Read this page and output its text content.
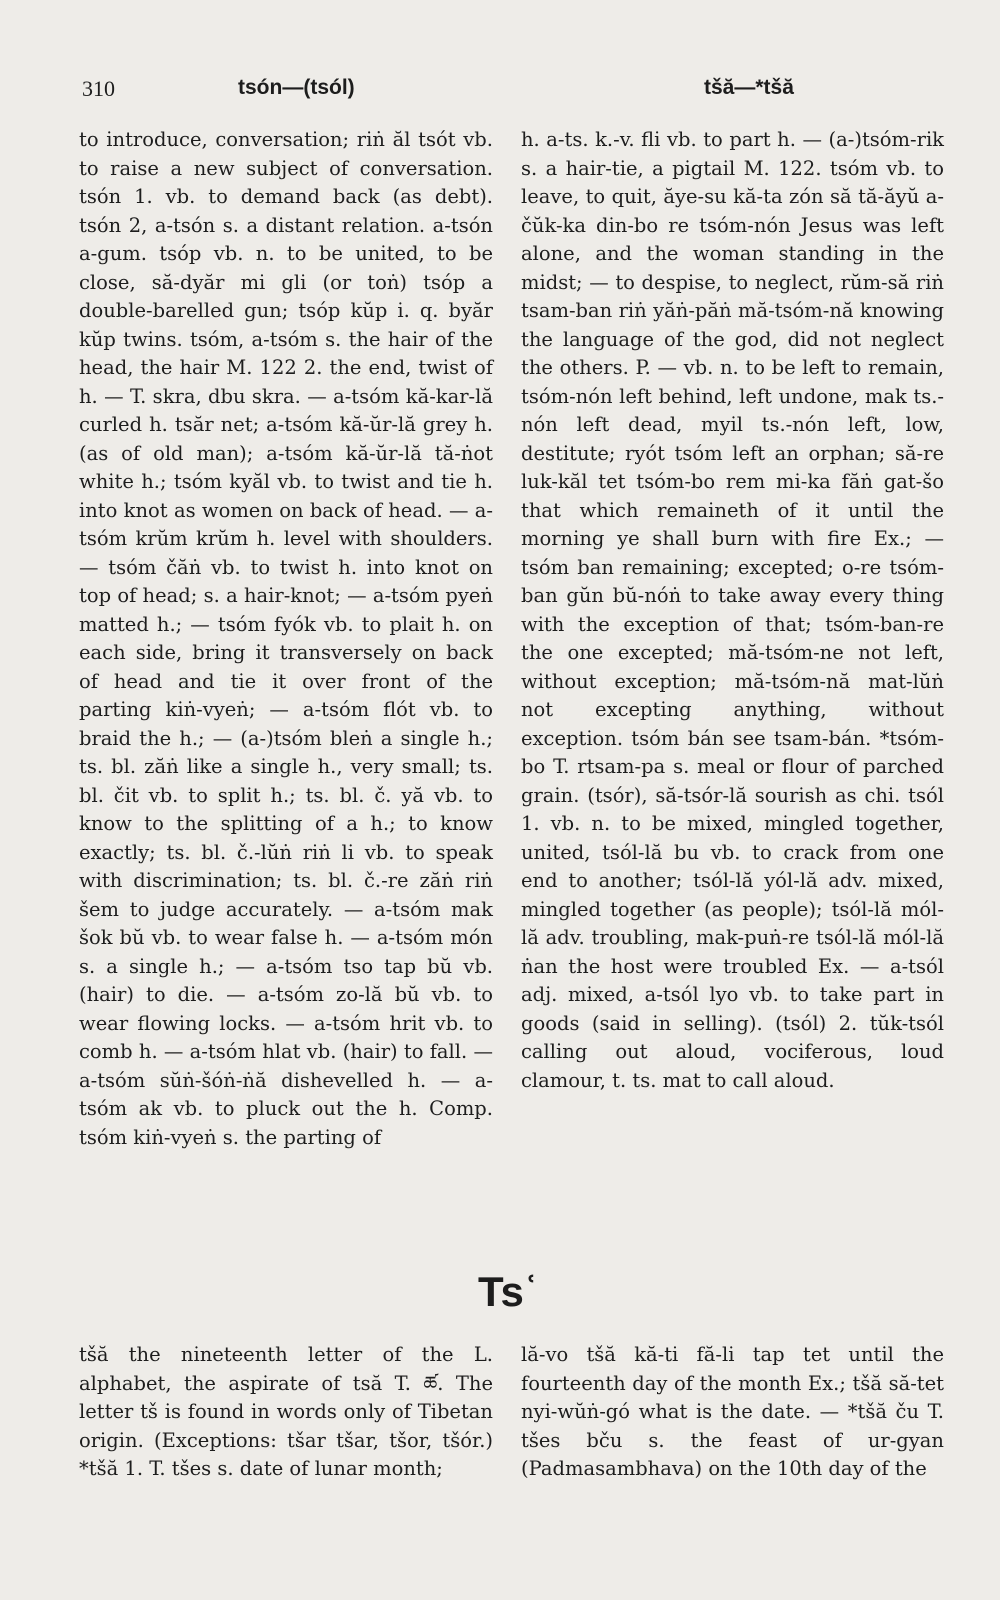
310	tsón—(tsól)	tšă—*tšă

to introduce, conversation; riṅ ăl tsót vb. to raise a new subject of conversation. tsón 1. vb. to demand back (as debt). tsón 2, a-tsón s. a distant relation. a-tsón a-gum. tsóp vb. n. to be united, to be close, să-dyăr mi gli (or toṅ) tsóp a double-barelled gun; tsóp kŭp i. q. byăr kŭp twins. tsóm, a-tsóm s. the hair of the head, the hair M. 122 2. the end, twist of h. — T. skra, dbu skra. — a-tsóm kă-kar-lă curled h. tsăr net; a-tsóm kă-ŭr-lă grey h. (as of old man); a-tsóm kă-ŭr-lă tă-ṅot white h.; tsóm kyăl vb. to twist and tie h. into knot as women on back of head. — a-tsóm krŭm krŭm h. level with shoulders. — tsóm čăṅ vb. to twist h. into knot on top of head; s. a hair-knot; — a-tsóm pyeṅ matted h.; — tsóm fyók vb. to plait h. on each side, bring it transversely on back of head and tie it over front of the parting kiṅ-vyeṅ; — a-tsóm flót vb. to braid the h.; — (a-)tsóm bleṅ a single h.; ts. bl. zăṅ like a single h., very small; ts. bl. čit vb. to split h.; ts. bl. č. yă vb. to know to the splitting of a h.; to know exactly; ts. bl. č.-lŭṅ riṅ li vb. to speak with discrimination; ts. bl. č.-re zăṅ riṅ šem to judge accurately. — a-tsóm mak šok bŭ vb. to wear false h. — a-tsóm món s. a single h.; — a-tsóm tso tap bŭ vb. (hair) to die. — a-tsóm zo-lă bŭ vb. to wear flowing locks. — a-tsóm hrit vb. to comb h. — a-tsóm hlat vb. (hair) to fall. — a-tsóm sŭṅ-šóṅ-ṅă dishevelled h. — a-tsóm ak vb. to pluck out the h. Comp. tsóm kiṅ-vyeṅ s. the parting of

h. a-ts. k.-v. fli vb. to part h. — (a-)tsóm-rik s. a hair-tie, a pigtail M. 122. tsóm vb. to leave, to quit, ăye-su kă-ta zón să tă-ăyŭ a-čŭk-ka din-bo re tsóm-nón Jesus was left alone, and the woman standing in the midst; — to despise, to neglect, rŭm-să riṅ tsam-ban riṅ yăṅ-păṅ mă-tsóm-nă knowing the language of the god, did not neglect the others. P. — vb. n. to be left to remain, tsóm-nón left behind, left undone, mak ts.-nón left dead, myil ts.-nón left, low, destitute; ryót tsóm left an orphan; să-re luk-kăl tet tsóm-bo rem mi-ka făṅ gat-šo that which remaineth of it until the morning ye shall burn with fire Ex.; — tsóm ban remaining; excepted; o-re tsóm-ban gŭn bŭ-nóṅ to take away every thing with the exception of that; tsóm-ban-re the one excepted; mă-tsóm-ne not left, without exception; mă-tsóm-nă mat-lŭṅ not excepting anything, without exception. tsóm bán see tsam-bán. *tsóm-bo T. rtsam-pa s. meal or flour of parched grain. (tsór), să-tsór-lă sourish as chi. tsól 1. vb. n. to be mixed, mingled together, united, tsól-lă bu vb. to crack from one end to another; tsól-lă yól-lă adv. mixed, mingled together (as people); tsól-lă mól-lă adv. troubling, mak-puṅ-re tsól-lă mól-lă ṅan the host were troubled Ex. — a-tsól adj. mixed, a-tsól lyo vb. to take part in goods (said in selling). (tsól) 2. tŭk-tsól calling out aloud, vociferous, loud clamour, t. ts. mat to call aloud.

Tsʿ

tšă the nineteenth letter of the L. alphabet, the aspirate of tsă T. ཚ. The letter tš is found in words only of Tibetan origin. (Exceptions: tšar tšar, tšor, tšór.) *tšă 1. T. tšes s. date of lunar month;

lă-vo tšă kă-ti fă-li tap tet until the fourteenth day of the month Ex.; tšă să-tet nyi-wŭṅ-gó what is the date. — *tšă ču T. tšes bču s. the feast of ur-gyan (Padmasambhava) on the 10th day of the
